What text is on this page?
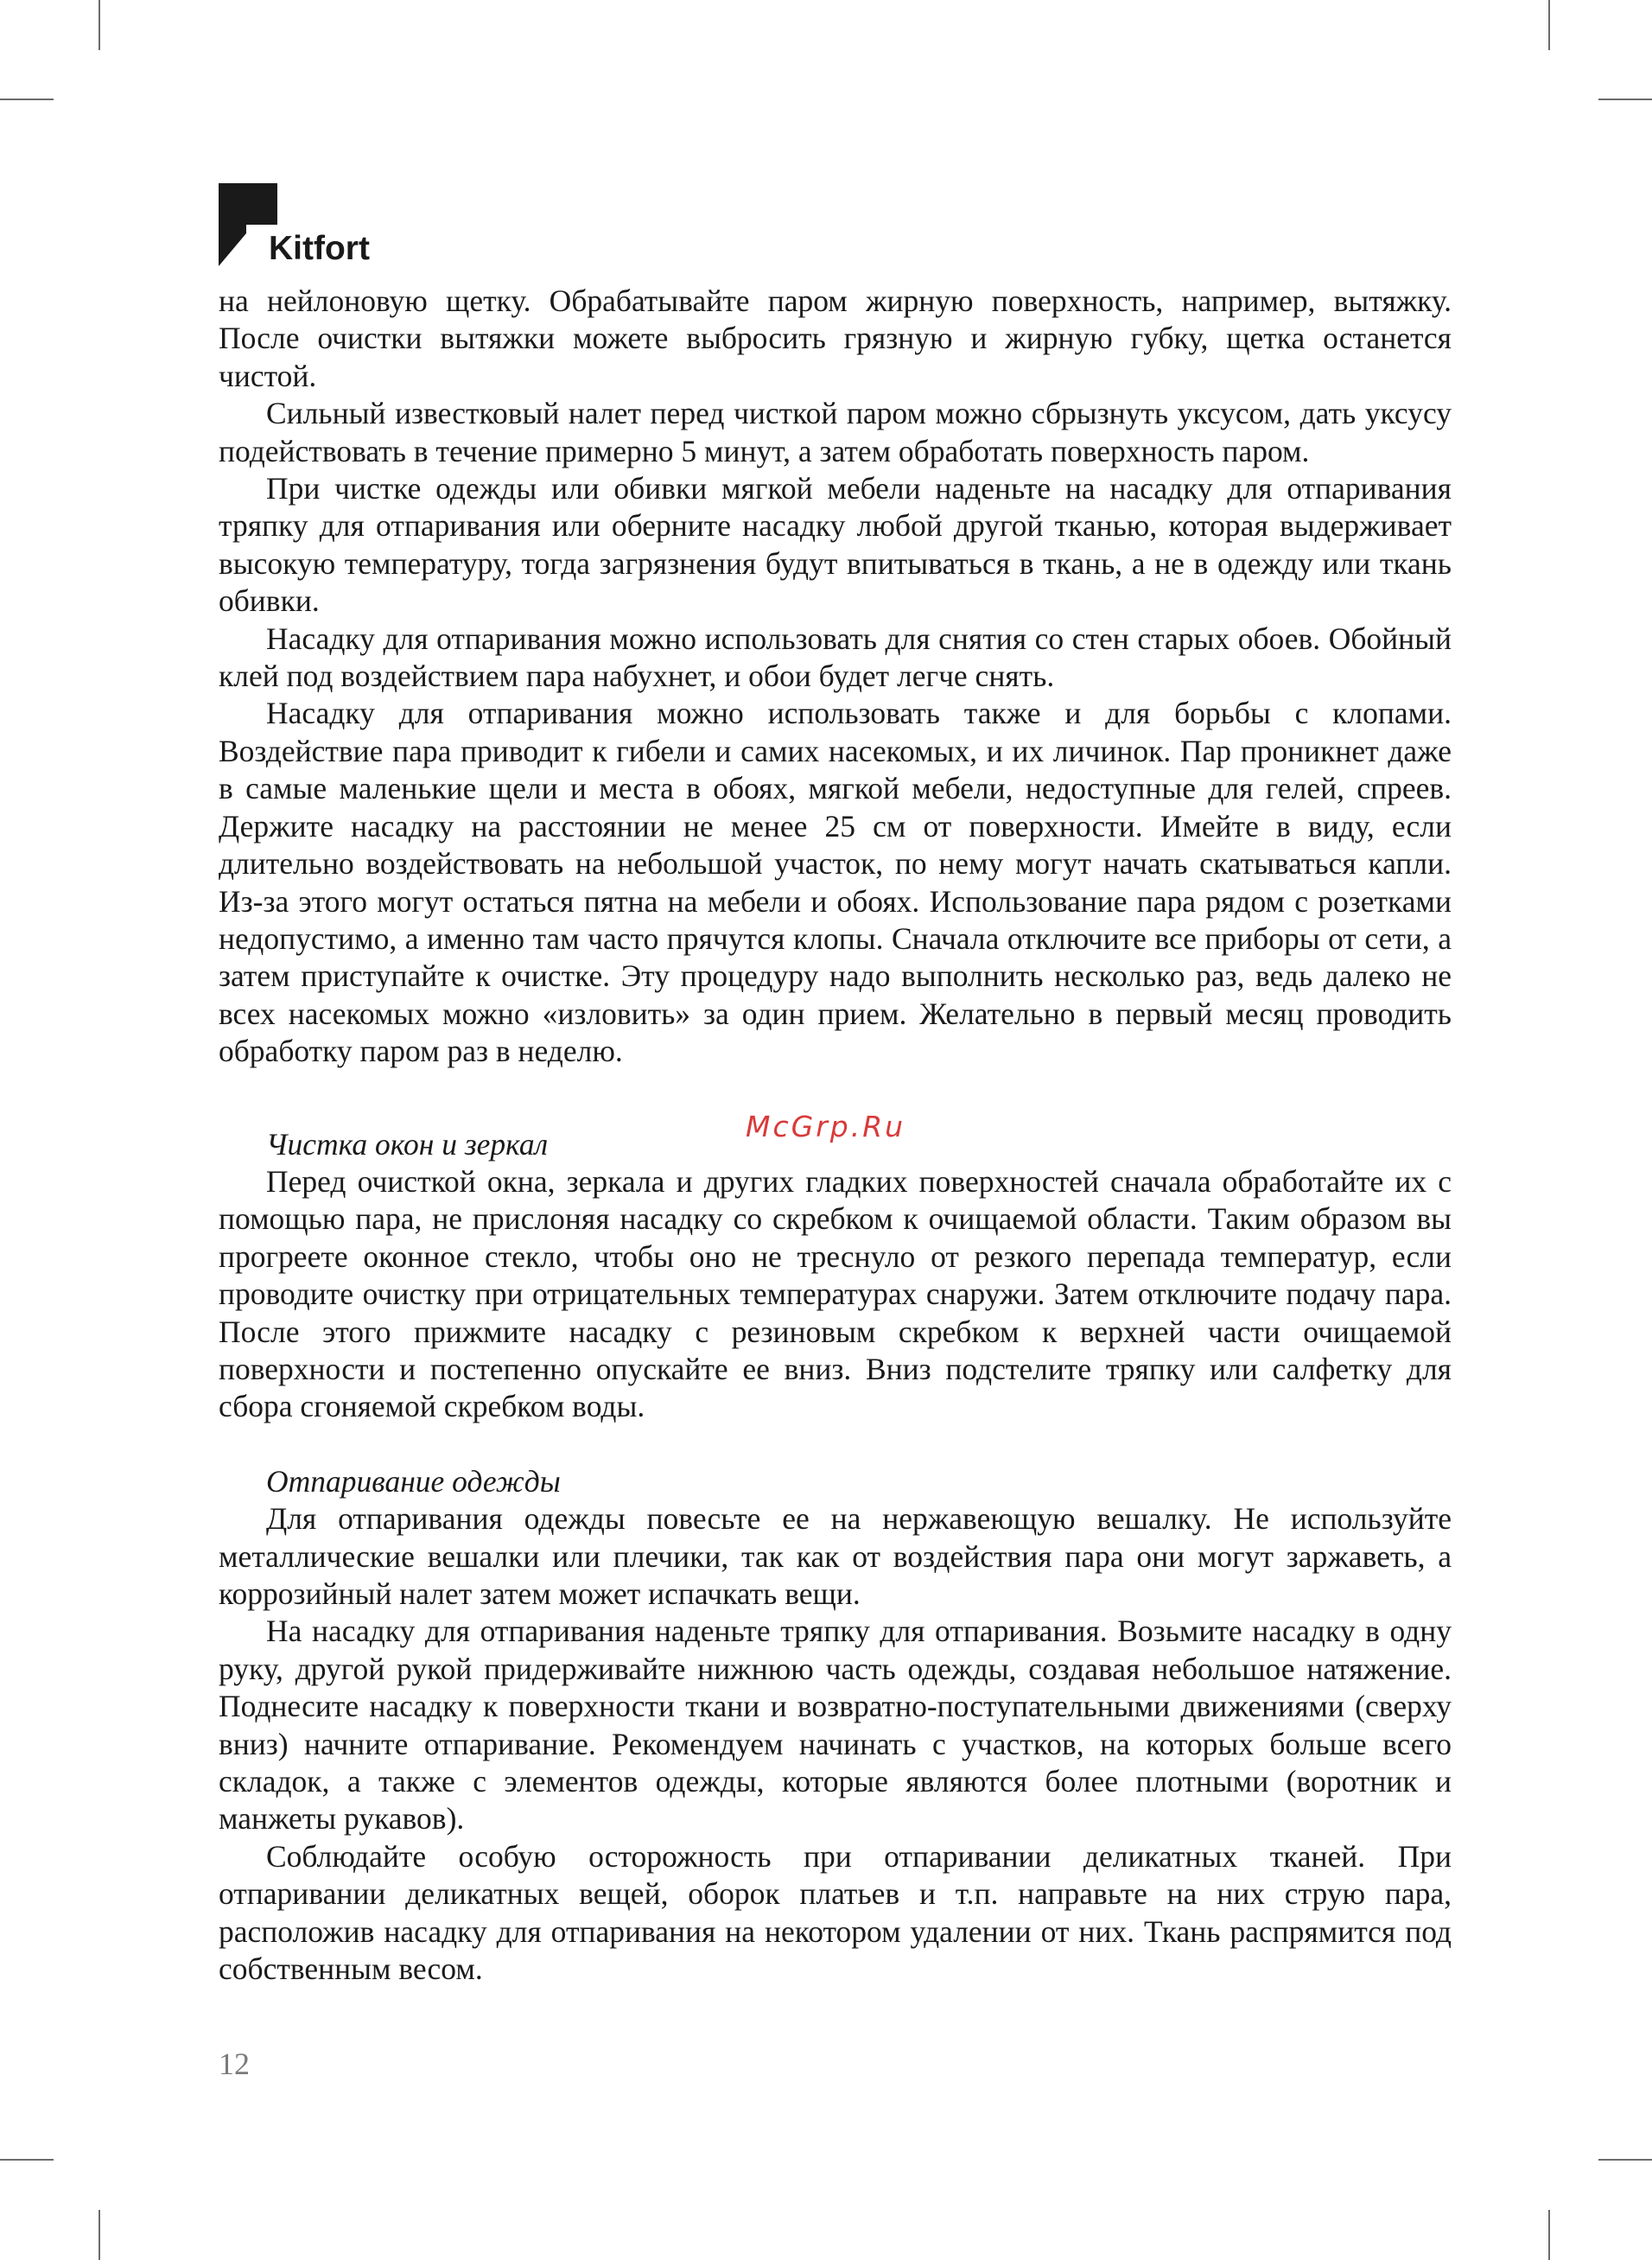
Kitfort

на нейлоновую щетку. Обрабатывайте паром жирную поверхность, например, вытяжку. После очистки вытяжки можете выбросить грязную и жирную губку, щетка останется чистой.

Сильный известковый налет перед чисткой паром можно сбрызнуть уксусом, дать уксусу подействовать в течение примерно 5 минут, а затем обработать поверхность паром.

При чистке одежды или обивки мягкой мебели наденьте на насадку для отпаривания тряпку для отпаривания или оберните насадку любой другой тканью, которая выдерживает высокую температуру, тогда загрязнения будут впитываться в ткань, а не в одежду или ткань обивки.

Насадку для отпаривания можно использовать для снятия со стен старых обоев. Обойный клей под воздействием пара набухнет, и обои будет легче снять.

Насадку для отпаривания можно использовать также и для борьбы с клопами. Воздействие пара приводит к гибели и самих насекомых, и их личинок. Пар проникнет даже в самые маленькие щели и места в обоях, мягкой мебели, недоступные для гелей, спреев. Держите насадку на расстоянии не менее 25 см от поверхности. Имейте в виду, если длительно воздействовать на небольшой участок, по нему могут начать скатываться капли. Из-за этого могут остаться пятна на мебели и обоях. Использование пара рядом с розетками недопустимо, а именно там часто прячутся клопы. Сначала отключите все приборы от сети, а затем приступайте к очистке. Эту процедуру надо выполнить несколько раз, ведь далеко не всех насекомых можно «изловить» за один прием. Желательно в первый месяц проводить обработку паром раз в неделю.

Чистка окон и зеркал

Перед очисткой окна, зеркала и других гладких поверхностей сначала обработайте их с помощью пара, не прислоняя насадку со скребком к очищаемой области. Таким образом вы прогреете оконное стекло, чтобы оно не треснуло от резкого перепада температур, если проводите очистку при отрицательных температурах снаружи. Затем отключите подачу пара. После этого прижмите насадку с резиновым скребком к верхней части очищаемой поверхности и постепенно опускайте ее вниз. Вниз подстелите тряпку или салфетку для сбора сгоняемой скребком воды.

Отпаривание одежды

Для отпаривания одежды повесьте ее на нержавеющую вешалку. Не используйте металлические вешалки или плечики, так как от воздействия пара они могут заржаветь, а коррозийный налет затем может испачкать вещи.

На насадку для отпаривания наденьте тряпку для отпаривания. Возьмите насадку в одну руку, другой рукой придерживайте нижнюю часть одежды, создавая небольшое натяжение. Поднесите насадку к поверхности ткани и возвратно-поступательными движениями (сверху вниз) начните отпаривание. Рекомендуем начинать с участков, на которых больше всего складок, а также с элементов одежды, которые являются более плотными (воротник и манжеты рукавов).

Соблюдайте особую осторожность при отпаривании деликатных тканей. При отпаривании деликатных вещей, оборок платьев и т.п. направьте на них струю пара, расположив насадку для отпаривания на некотором удалении от них. Ткань распрямится под собственным весом.

McGrp.Ru
12
